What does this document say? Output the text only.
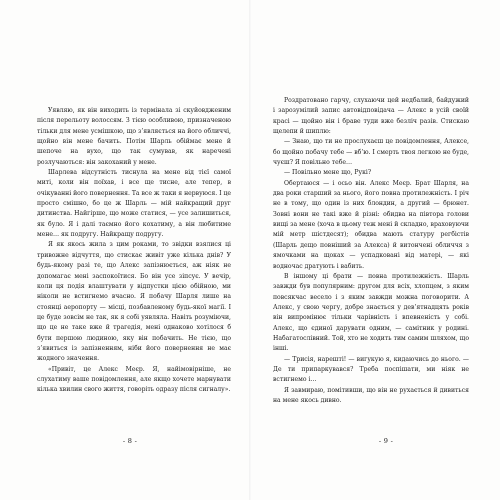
Уявляю, як він виходить із термінала зі скуйовдженим після перельоту волоссям. З тією особливою, призначеною тільки для мене усмішкою, що з’являється на його обличчі, щойно він мене бачить. Потім Шарль обіймає мене й шепоче на вухо, що так сумував, як наречені розлучаються: він закоханий у мене.

Шарлева відсутність тиснула на мене від тієї самої миті, коли він поїхав, і все ще тисне, але тепер, в очікуванні його повернення. Та все ж таки я нервуюся. І це просто смішно, бо це ж Шарль — мій найкращий друг дитинства. Найгірше, що може статися, — усе залишиться, як було. Я і далі таємно його кохатиму, а він любитиме мене… як подругу. Найкращу подругу.

Я як якось жила з цим роками, то звідки взялися ці тривожне відчуття, що стискає живіт уже кілька днів? У будь-якому разі те, що Алекс запізнюється, аж ніяк не допомагає мені заспокоїтися. Бо він усе зіпсує. У вечір, коли ця подія влаштувати у відпустки цією обійною, ми ніколи не встигнемо вчасно. Я побачу Шарля лише на стоянці аеропорту — місці, позбавленому будь-якої магії. І це буде зовсім не так, як я собі уявляла. Навіть розуміючи, що це не таке вже й трагедія, мені однаково хотілося б бути першою людиною, яку він побачить. Не тією, що з’явиться із запізненням, ніби його повернення не має жодного значення.

«Привіт, це Алекс Меєр. Я, найімовірніше, не слухатиму ваше повідомлення, але якщо хочете марнувати кілька хвилин свого життя, говоріть одразу після сигналу».

- 8 -

Роздратовано гарчу, слухаючи цей недбалий, байдужий і зарозумілий запис автовідповідача — Алекс в усій своїй красі — щойно він і браве туди вже безліч разів. Стискаю щелепи й шиплю:

— Знаю, що ти не прослухаєш це повідомлення, Алексе, бо щойно побачу тебе — вб’ю. І смерть твоя легкою не буде, чуєш? Я повільно тебе…

— Повільно мене що, Рукі?

Обертаюся — і осьо він. Алекс Меєр. Брат Шарля, на два роки старший за нього, його повна протилежність. І річ не в тому, що один із них блондин, а другий — брюнет. Зовні вони не такі вже й різні: обидва на півтора голови вищі за мене (хоча в цьому теж мені й складно, враховуючи мій метр шістдесят); обидва мають статуру регбістів (Шарль дещо повніший за Алекса) й витончені обличчя з ямочками на щоках — успадковані від матері, — які водночас дратують і вабить.

В іншому ці брати — повна протилежність. Шарль завжди був популярним: другом для всіх, хлопцем, з яким повсякчас весело і з яким завжди можна поговорити. А Алекс, у свою чергу, добре знається у дев’ятнадцять років він випромінює тільки чарівність і впевненість у собі. Алекс, що єдиної дарувати одним, — самітник у родині. Набагатослівний. Той, хто не ходить тим самим шляхом, що інші.

— Трисія, нарешті! — вигукую я, кидаючись до нього. — Де ти припаркувався? Треба поспішати, ми ніяк не встигнемо і…

Я завмираю, помітивши, що він не рухається й дивиться на мене якось дивно.

- 9 -
